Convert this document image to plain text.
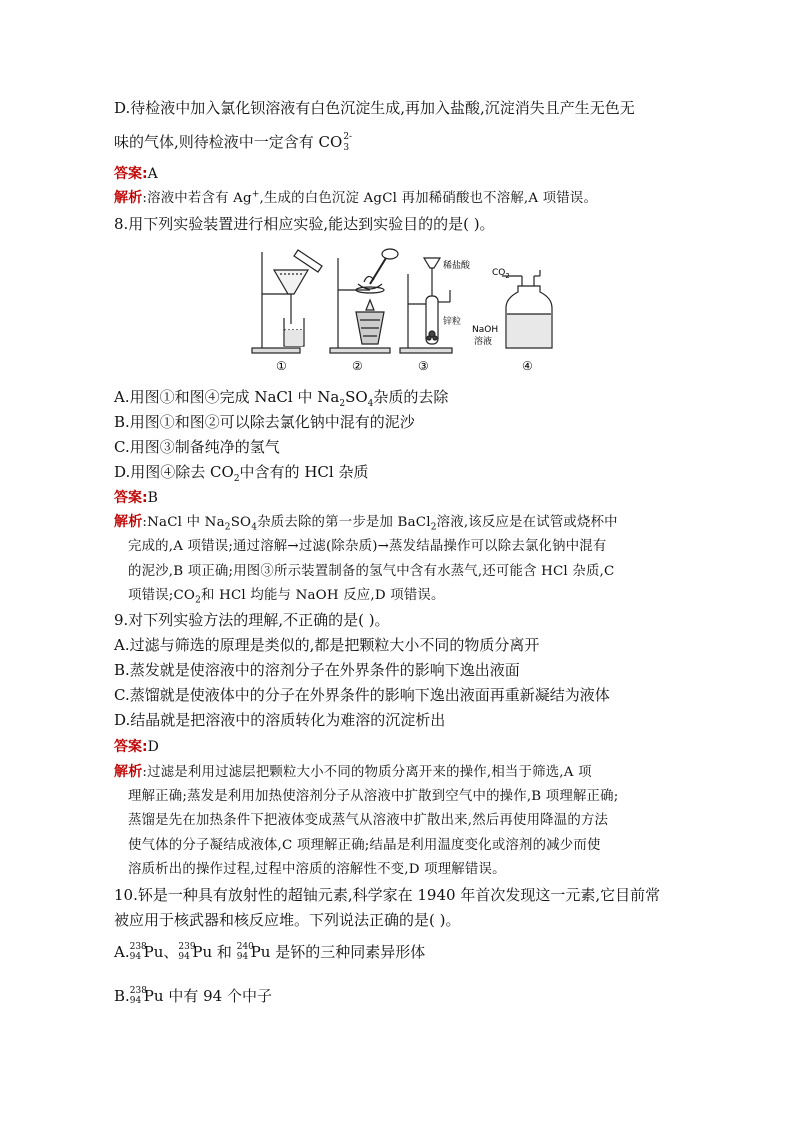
D.待检液中加入氯化钡溶液有白色沉淀生成,再加入盐酸,沉淀消失且产生无色无
味的气体,则待检液中一定含有 CO 2-
3
答案:A
解析:溶液中若含有 Ag+,生成的白色沉淀 AgCl 再加稀硝酸也不溶解,A 项错误。
8.用下列实验装置进行相应实验,能达到实验目的的是( )。
$CO_2$
稀盐酸
锌粒
NaOH
溶液
①	②	③	④
A.用图①和图④完成 NaCl 中 $Na_2SO_4$杂质的去除
B.用图①和图②可以除去氯化钠中混有的泥沙
C.用图③制备纯净的氢气
D.用图④除去 $CO_2$中含有的 HCl 杂质
答案:B
解析:NaCl 中 $Na_2SO_4$杂质去除的第一步是加 BaCl$_2$溶液,该反应是在试管或烧杯中
完成的,A 项错误;通过溶解→过滤(除杂质)→蒸发结晶操作可以除去氯化钠中混有
的泥沙,B 项正确;用图③所示装置制备的氢气中含有水蒸气,还可能含 HCl 杂质,C
项错误$;CO_2$和 HCl 均能与 NaOH 反应,D 项错误。
9.对下列实验方法的理解,不正确的是( )。
A.过滤与筛选的原理是类似的,都是把颗粒大小不同的物质分离开
B.蒸发就是使溶液中的溶剂分子在外界条件的影响下逸出液面
C.蒸馏就是使液体中的分子在外界条件的影响下逸出液面再重新凝结为液体
D.结晶就是把溶液中的溶质转化为难溶的沉淀析出
答案:D
解析:过滤是利用过滤层把颗粒大小不同的物质分离开来的操作,相当于筛选,A 项
理解正确;蒸发是利用加热使溶剂分子从溶液中扩散到空气中的操作,B 项理解正确;
蒸馏是先在加热条件下把液体变成蒸气从溶液中扩散出来,然后再使用降温的方法
使气体的分子凝结成液体,C 项理解正确;结晶是利用温度变化或溶剂的减少而使
溶质析出的操作过程,过程中溶质的溶解性不变,D 项理解错误。
10.钚是一种具有放射性的超铀元素,科学家在 1940 年首次发现这一元素,它目前常
被应用于核武器和核反应堆。下列说法正确的是( )。
A. 238
94 Pu、 239
94 Pu 和 240
94 Pu 是钚的三种同素异形体
B. 238
94 Pu 中有 94 个中子
